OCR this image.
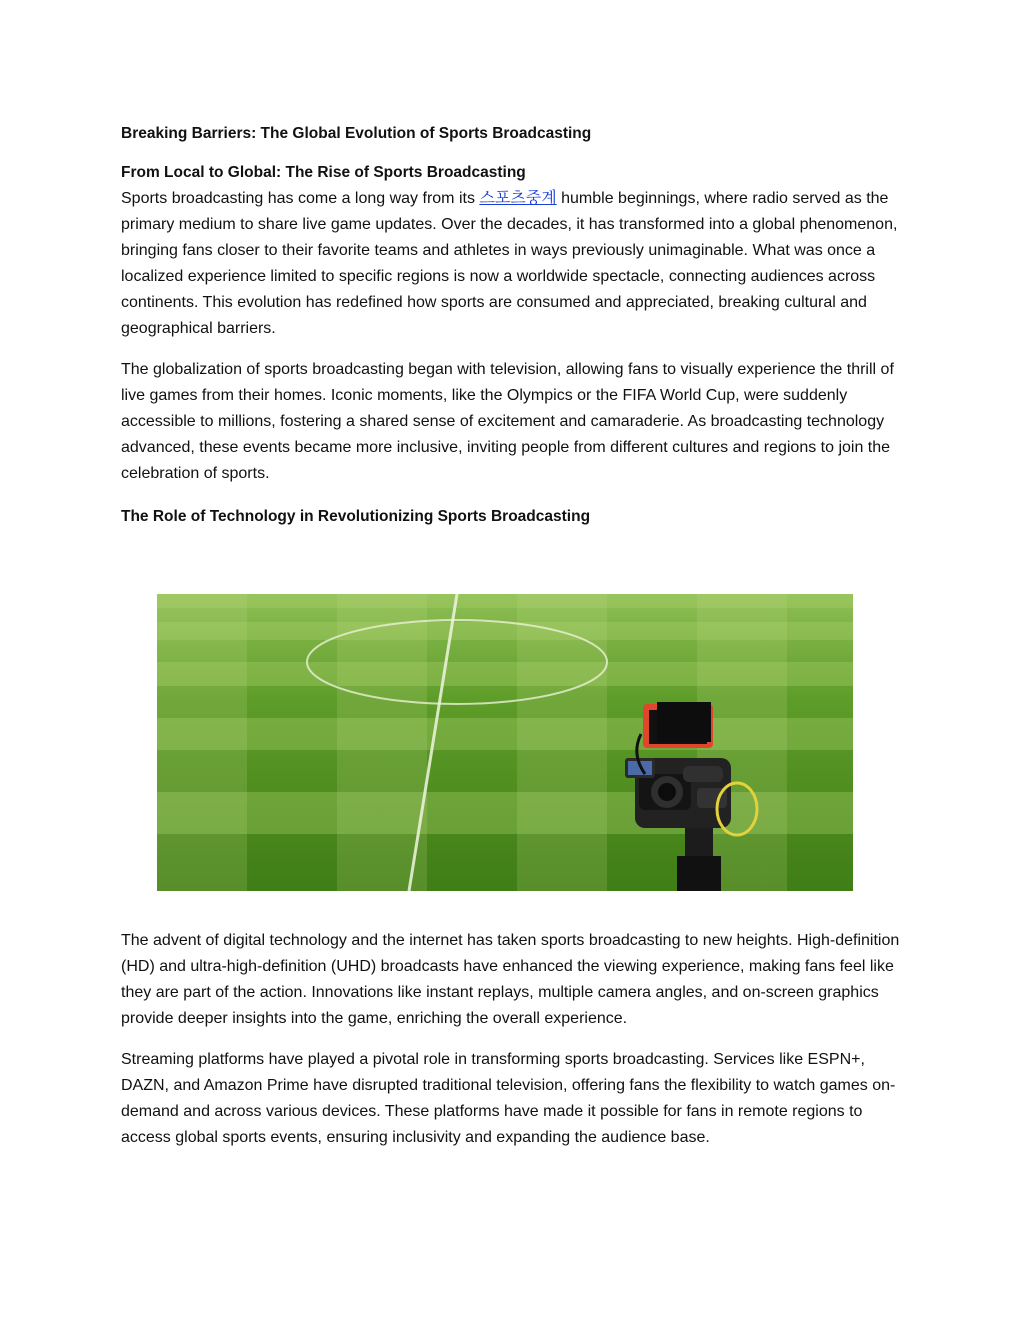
Breaking Barriers: The Global Evolution of Sports Broadcasting
From Local to Global: The Rise of Sports Broadcasting

Sports broadcasting has come a long way from its 스포츠중계 humble beginnings, where radio served as the primary medium to share live game updates. Over the decades, it has transformed into a global phenomenon, bringing fans closer to their favorite teams and athletes in ways previously unimaginable. What was once a localized experience limited to specific regions is now a worldwide spectacle, connecting audiences across continents. This evolution has redefined how sports are consumed and appreciated, breaking cultural and geographical barriers.

The globalization of sports broadcasting began with television, allowing fans to visually experience the thrill of live games from their homes. Iconic moments, like the Olympics or the FIFA World Cup, were suddenly accessible to millions, fostering a shared sense of excitement and camaraderie. As broadcasting technology advanced, these events became more inclusive, inviting people from different cultures and regions to join the celebration of sports.

The Role of Technology in Revolutionizing Sports Broadcasting

The advent of digital technology and the internet has taken sports broadcasting to new heights. High-definition (HD) and ultra-high-definition (UHD) broadcasts have enhanced the viewing experience, making fans feel like they are part of the action. Innovations like instant replays, multiple camera angles, and on-screen graphics provide deeper insights into the game, enriching the overall experience.

Streaming platforms have played a pivotal role in transforming sports broadcasting. Services like ESPN+, DAZN, and Amazon Prime have disrupted traditional television, offering fans the flexibility to watch games on-demand and across various devices. These platforms have made it possible for fans in remote regions to access global sports events, ensuring inclusivity and expanding the audience base.
